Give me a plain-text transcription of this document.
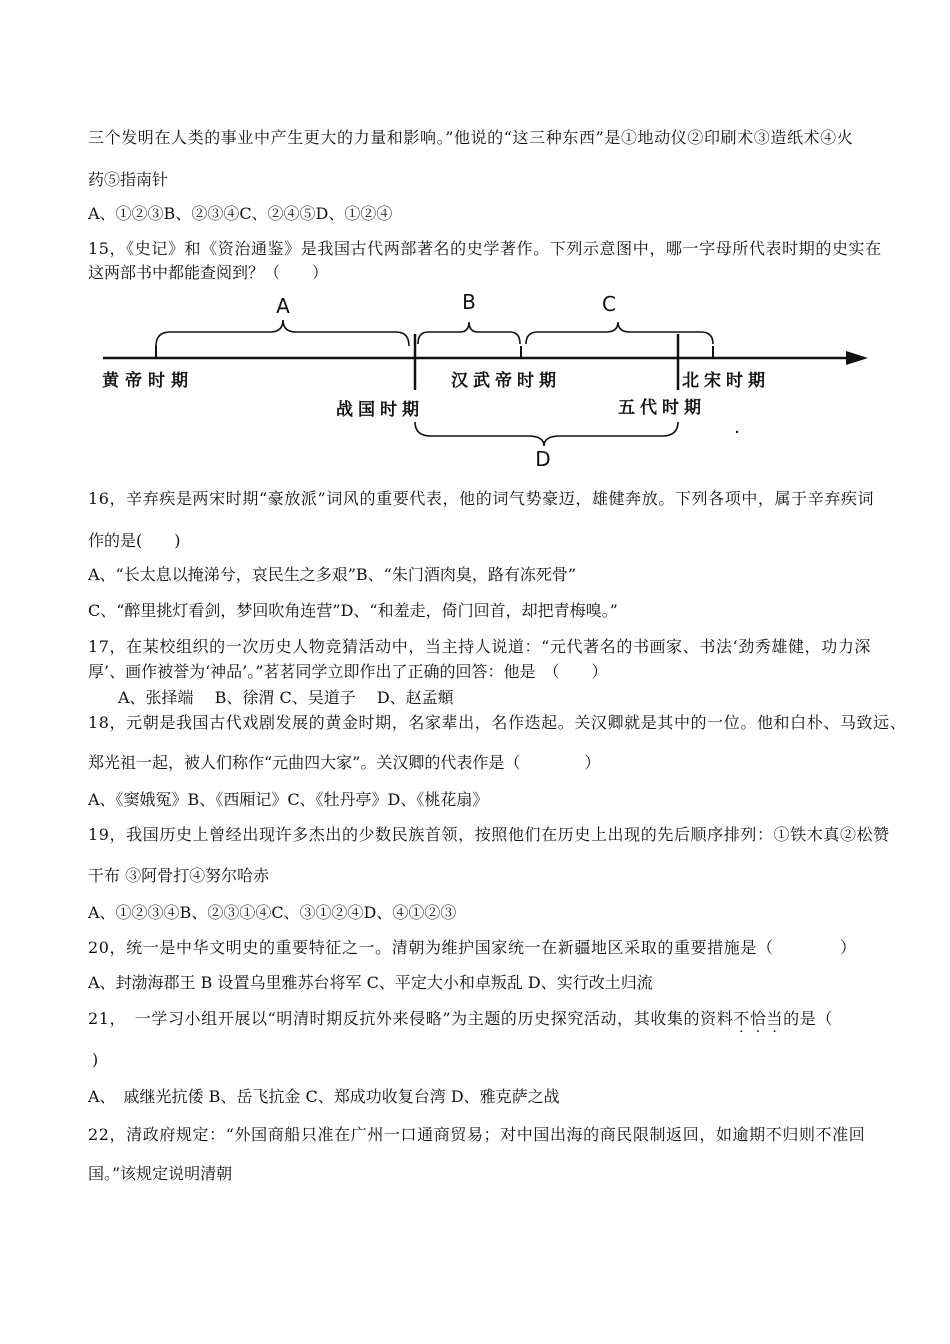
三个发明在人类的事业中产生更大的力量和影响。”他说的“这三种东西”是①地动仪②印刷术③造纸术④火
药⑤指南针
A、①②③B、②③④C、②④⑤D、①②④
15，《史记》和《资治通鉴》是我国古代两部著名的史学著作。下列示意图中，哪一字母所代表时期的史实在
这两部书中都能查阅到？（　　）
A	B	C
D
黄帝时期	汉武帝时期	北宋时期
战国时期	五代时期
16，辛弃疾是两宋时期“豪放派”词风的重要代表，他的词气势豪迈，雄健奔放。下列各项中，属于辛弃疾词
作的是(　　)
A、“长太息以掩涕兮，哀民生之多艰”B、“朱门酒肉臭，路有冻死骨”
C、“醉里挑灯看剑，梦回吹角连营”D、“和羞走，倚门回首，却把青梅嗅。”
17，在某校组织的一次历史人物竞猜活动中，当主持人说道：“元代著名的书画家、书法‘劲秀雄健，功力深
厚’、画作被誉为‘神品’。”茗茗同学立即作出了正确的回答：他是　（　　）
A、张择端　 B、徐渭 C、吴道子　 D、赵孟頫
18，元朝是我国古代戏剧发展的黄金时期，名家辈出，名作迭起。关汉卿就是其中的一位。他和白朴、马致远、
郑光祖一起，被人们称作“元曲四大家”。关汉卿的代表作是（　　　　）
A、《窦娥冤》B、《西厢记》C、《牡丹亭》D、《桃花扇》
19，我国历史上曾经出现许多杰出的少数民族首领，按照他们在历史上出现的先后顺序排列：①铁木真②松赞
干布 ③阿骨打④努尔哈赤
A、①②③④B、②③①④C、③①②④D、④①②③
20，统一是中华文明史的重要特征之一。清朝为维护国家统一在新疆地区采取的重要措施是（　　　　）
A、封渤海郡王 B 设置乌里雅苏台将军 C、平定大小和卓叛乱 D、实行改土归流
21，　一学习小组开展以“明清时期反抗外来侵略”为主题的历史探究活动，其收集的资料不恰当的是（
)
A、　戚继光抗倭 B、岳飞抗金 C、郑成功收复台湾 D、雅克萨之战
22，清政府规定：“外国商船只准在广州一口通商贸易；对中国出海的商民限制返回，如逾期不归则不准回
国。”该规定说明清朝
